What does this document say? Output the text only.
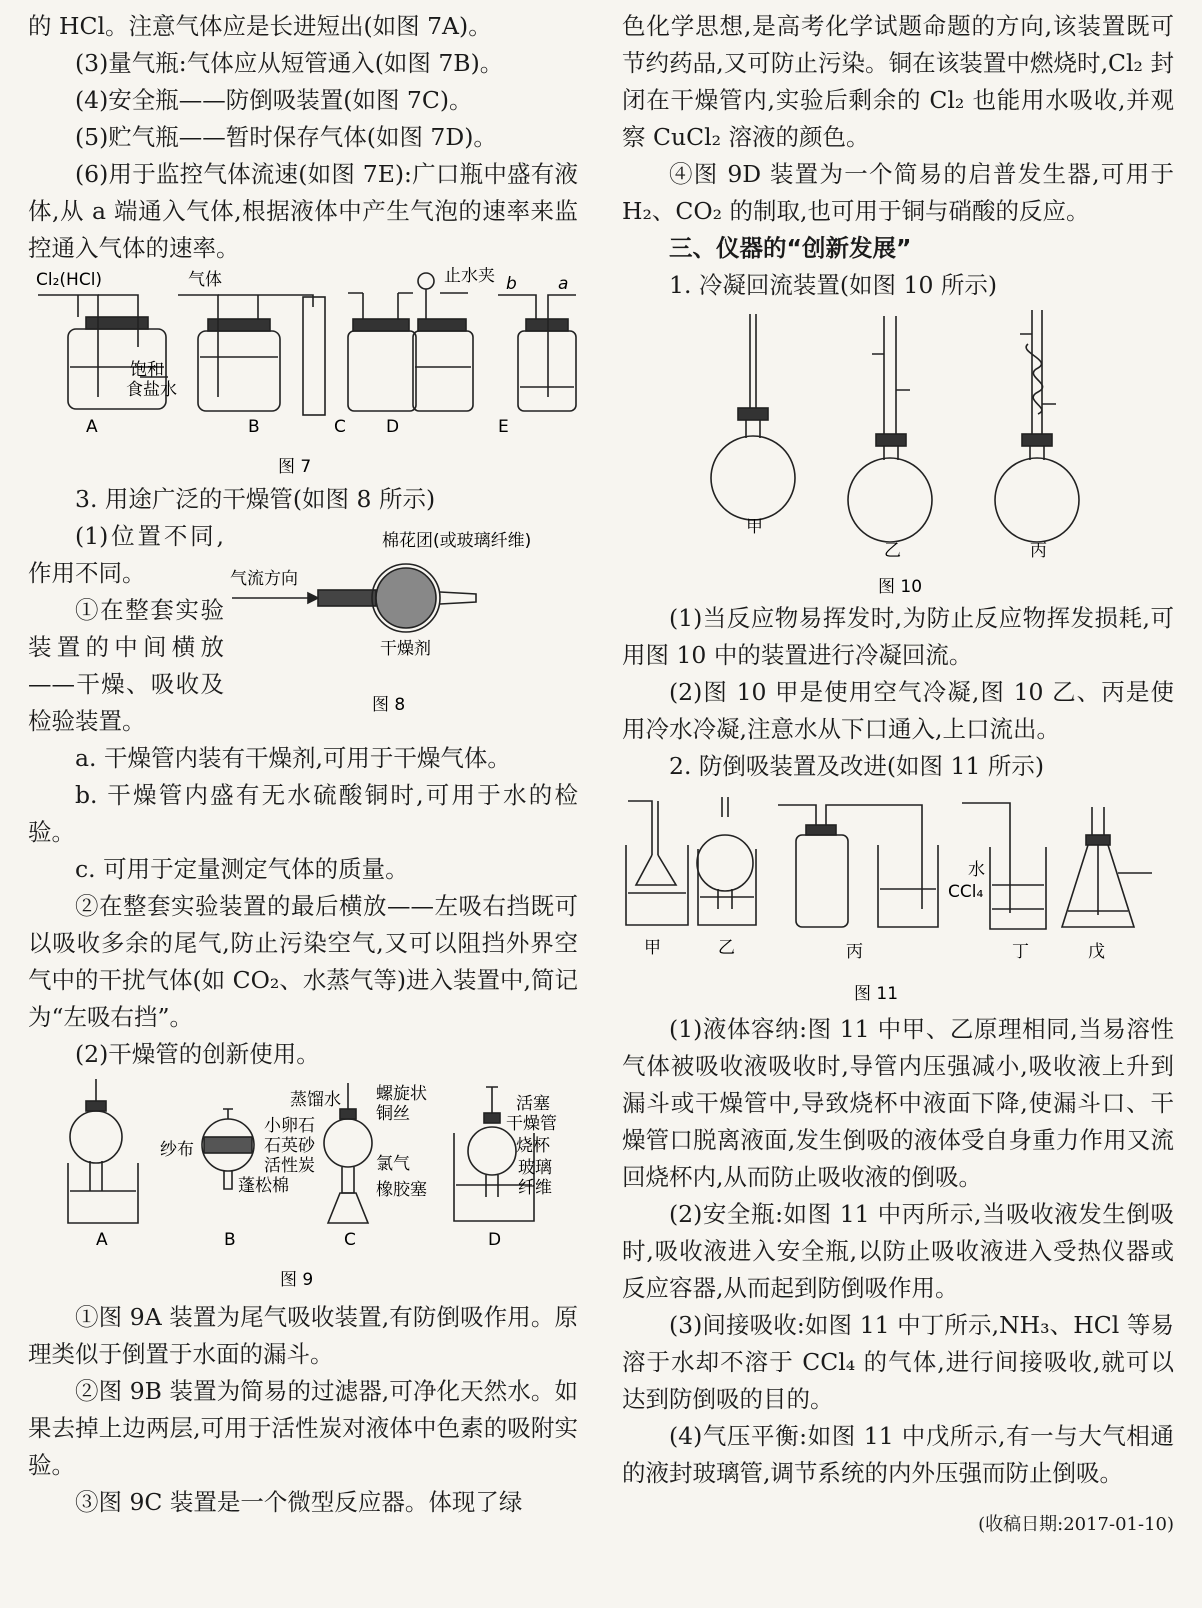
的 HCl。注意气体应是长进短出(如图 7A)。

(3)量气瓶:气体应从短管通入(如图 7B)。

(4)安全瓶——防倒吸装置(如图 7C)。

(5)贮气瓶——暂时保存气体(如图 7D)。

(6)用于监控气体流速(如图 7E):广口瓶中盛有液体,从 a 端通入气体,根据液体中产生气泡的速率来监控通入气体的速率。

Cl₂(HCl)	气体	止水夹 b a
饱和
食盐水
A	B	C D	E
图 7

3. 用途广泛的干燥管(如图 8 所示)

(1)位置不同,作用不同。

①在整套实验装置的中间横放——干燥、吸收及检验装置。

棉花团(或玻璃纤维)
气流方向
干燥剂
图 8

a. 干燥管内装有干燥剂,可用于干燥气体。

b. 干燥管内盛有无水硫酸铜时,可用于水的检验。

c. 可用于定量测定气体的质量。

②在整套实验装置的最后横放——左吸右挡既可以吸收多余的尾气,防止污染空气,又可以阻挡外界空气中的干扰气体(如 CO₂、水蒸气等)进入装置中,简记为“左吸右挡”。

(2)干燥管的创新使用。

纱布
小卵石
石英砂
活性炭
蓬松棉
蒸馏水 螺旋状
铜丝
氯气
橡胶塞
活塞
干燥管
烧杯
玻璃
纤维
A	B	C	D
图 9

①图 9A 装置为尾气吸收装置,有防倒吸作用。原理类似于倒置于水面的漏斗。

②图 9B 装置为简易的过滤器,可净化天然水。如果去掉上边两层,可用于活性炭对液体中色素的吸附实验。

③图 9C 装置是一个微型反应器。体现了绿

色化学思想,是高考化学试题命题的方向,该装置既可节约药品,又可防止污染。铜在该装置中燃烧时,Cl₂ 封闭在干燥管内,实验后剩余的 Cl₂ 也能用水吸收,并观察 CuCl₂ 溶液的颜色。

④图 9D 装置为一个简易的启普发生器,可用于 H₂、CO₂ 的制取,也可用于铜与硝酸的反应。

三、仪器的“创新发展”

1. 冷凝回流装置(如图 10 所示)

甲
乙	丙
图 10

(1)当反应物易挥发时,为防止反应物挥发损耗,可用图 10 中的装置进行冷凝回流。

(2)图 10 甲是使用空气冷凝,图 10 乙、丙是使用冷水冷凝,注意水从下口通入,上口流出。

2. 防倒吸装置及改进(如图 11 所示)

水
CCl₄
甲	乙	丙	丁	戊
图 11

(1)液体容纳:图 11 中甲、乙原理相同,当易溶性气体被吸收液吸收时,导管内压强减小,吸收液上升到漏斗或干燥管中,导致烧杯中液面下降,使漏斗口、干燥管口脱离液面,发生倒吸的液体受自身重力作用又流回烧杯内,从而防止吸收液的倒吸。

(2)安全瓶:如图 11 中丙所示,当吸收液发生倒吸时,吸收液进入安全瓶,以防止吸收液进入受热仪器或反应容器,从而起到防倒吸作用。

(3)间接吸收:如图 11 中丁所示,NH₃、HCl 等易溶于水却不溶于 CCl₄ 的气体,进行间接吸收,就可以达到防倒吸的目的。

(4)气压平衡:如图 11 中戊所示,有一与大气相通的液封玻璃管,调节系统的内外压强而防止倒吸。

(收稿日期:2017-01-10)
